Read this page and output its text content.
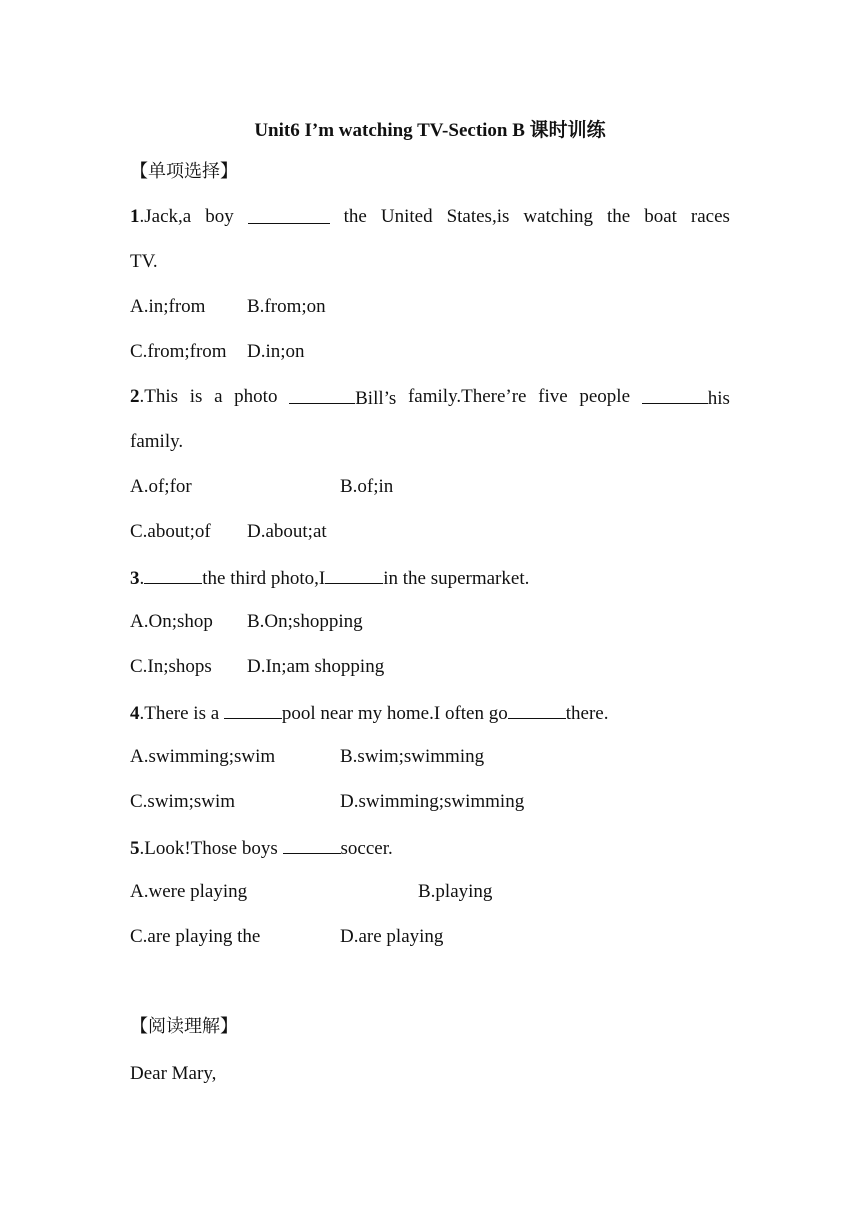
Unit6 I’m watching TV-Section B 课时训练
【单项选择】
1.Jack,a boy	the United States,is watching the boat races
TV.
A.in;from B.from;on
C.from;from D.in;on
2.This is a photo	Bill’s family.There’re five people	his
family.
A.of;for	B.of;in
C.about;of D.about;at
3.	the third photo,I	in the supermarket.
A.On;shop B.On;shopping
C.In;shops D.In;am shopping
4.There is a	pool near my home.I often go	there.
A.swimming;swim	B.swim;swimming
C.swim;swim	D.swimming;swimming
5.Look!Those boys	soccer.
A.were playing	B.playing
C.are playing the	D.are playing
【阅读理解】
Dear Mary,
